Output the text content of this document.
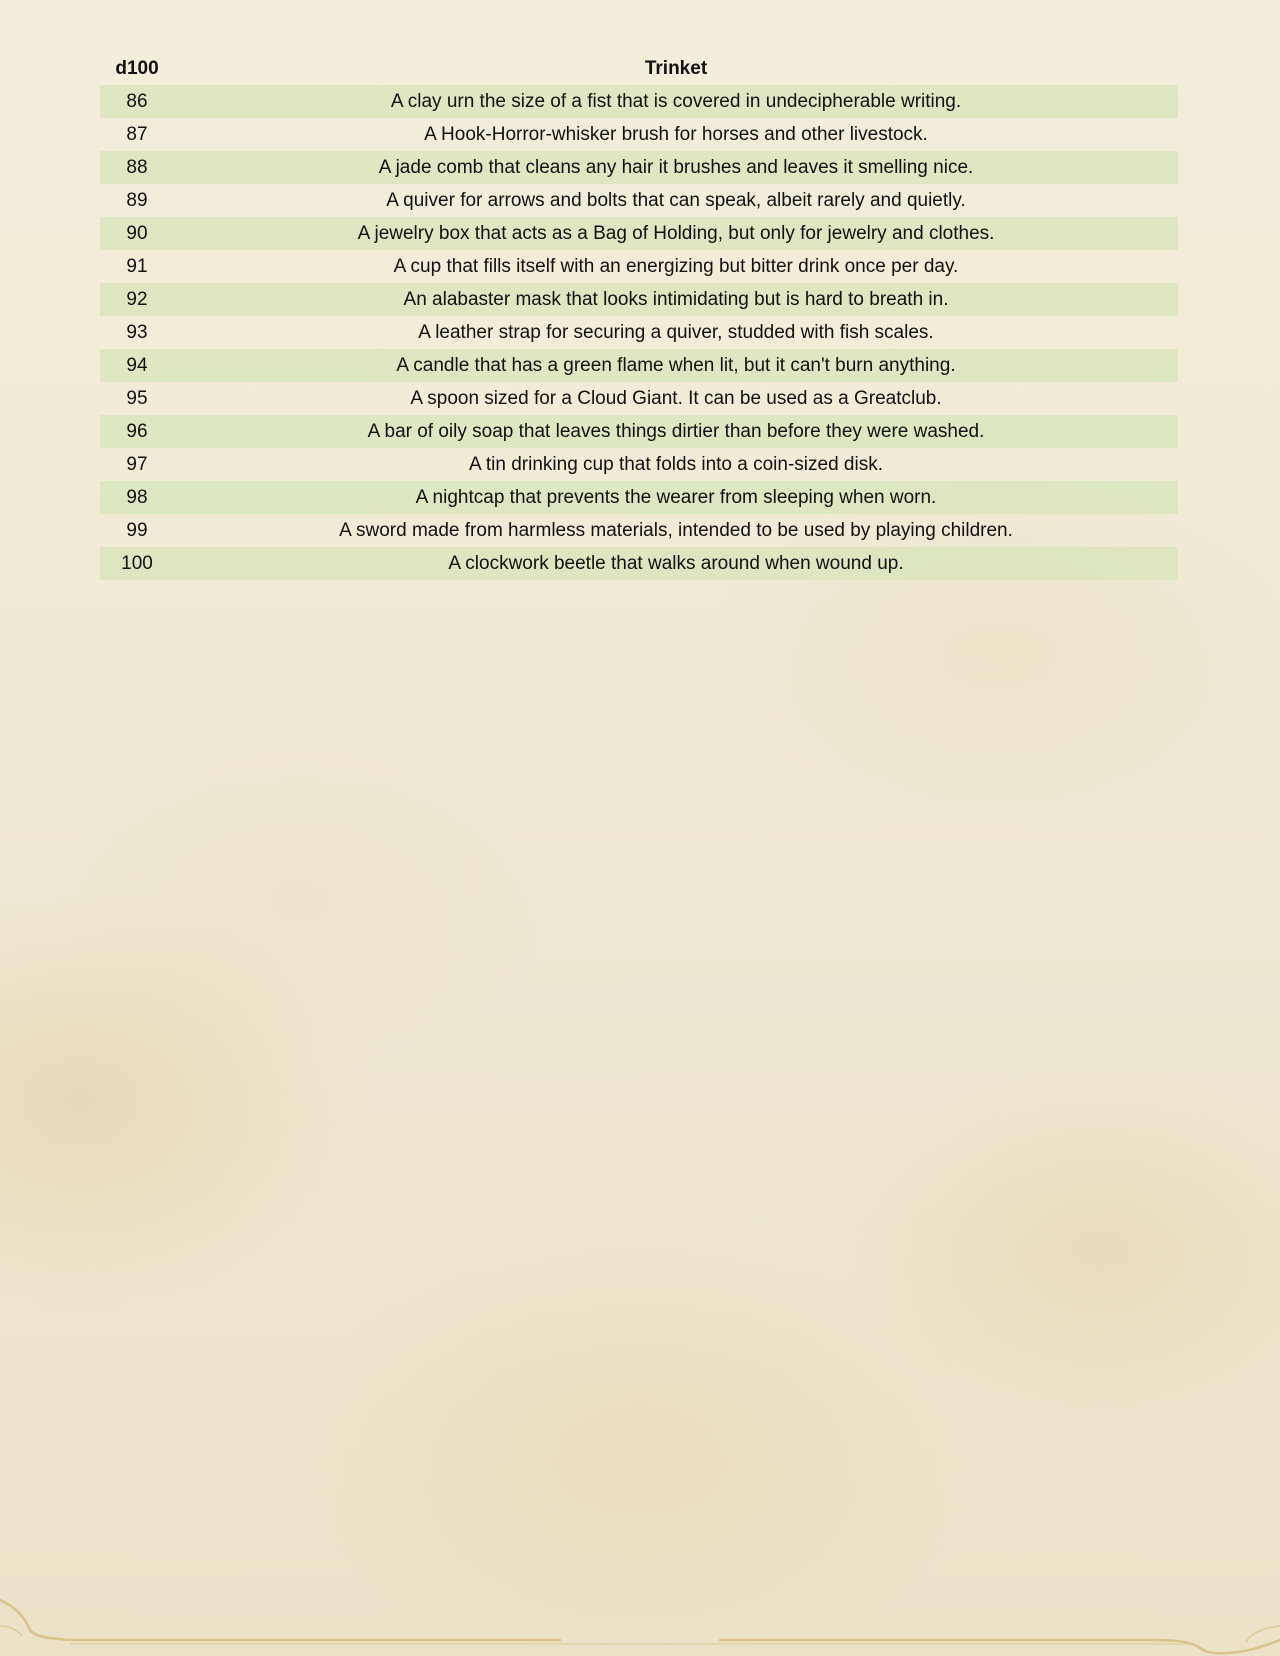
d100	Trinket
86	A clay urn the size of a fist that is covered in undecipherable writing.
87	A Hook-Horror-whisker brush for horses and other livestock.
88	A jade comb that cleans any hair it brushes and leaves it smelling nice.
89	A quiver for arrows and bolts that can speak, albeit rarely and quietly.
90	A jewelry box that acts as a Bag of Holding, but only for jewelry and clothes.
91	A cup that fills itself with an energizing but bitter drink once per day.
92	An alabaster mask that looks intimidating but is hard to breath in.
93	A leather strap for securing a quiver, studded with fish scales.
94	A candle that has a green flame when lit, but it can't burn anything.
95	A spoon sized for a Cloud Giant. It can be used as a Greatclub.
96	A bar of oily soap that leaves things dirtier than before they were washed.
97	A tin drinking cup that folds into a coin-sized disk.
98	A nightcap that prevents the wearer from sleeping when worn.
99	A sword made from harmless materials, intended to be used by playing children.
100	A clockwork beetle that walks around when wound up.
